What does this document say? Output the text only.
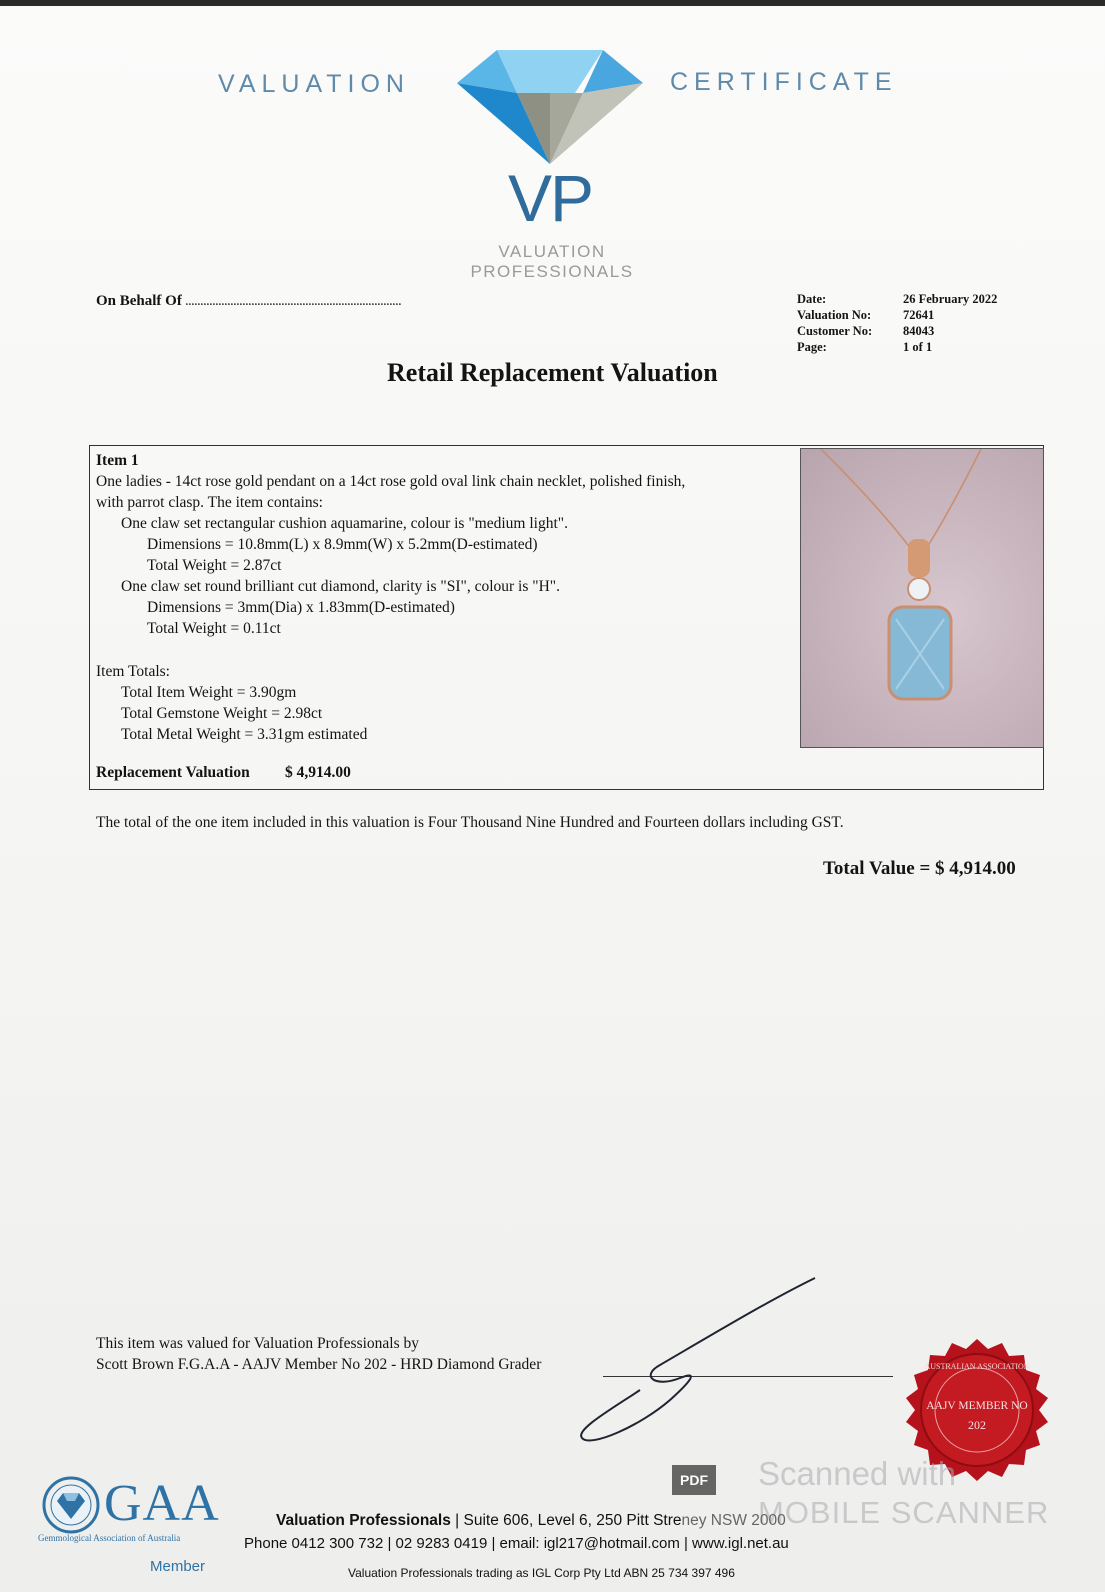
VALUATION	CERTIFICATE
VP
VALUATION
PROFESSIONALS
On Behalf Of ........................................................................	Date:	26 February 2022
Valuation No:	72641
Customer No: 84043
Page:	1 of 1
Retail Replacement Valuation
Item 1
One ladies - 14ct rose gold pendant on a 14ct rose gold oval link chain necklet, polished finish,
with parrot clasp. The item contains:
One claw set rectangular cushion aquamarine, colour is "medium light".
Dimensions = 10.8mm(L) x 8.9mm(W) x 5.2mm(D-estimated)
Total Weight = 2.87ct
One claw set round brilliant cut diamond, clarity is "SI", colour is "H".
Dimensions = 3mm(Dia) x 1.83mm(D-estimated)
Total Weight = 0.11ct
Item Totals:
Total Item Weight = 3.90gm
Total Gemstone Weight = 2.98ct
Total Metal Weight = 3.31gm estimated
Replacement Valuation $ 4,914.00
The total of the one item included in this valuation is Four Thousand Nine Hundred and Fourteen dollars including GST.
Total Value = $ 4,914.00
This item was valued for Valuation Professionals by
Scott Brown F.G.A.A - AAJV Member No 202 - HRD Diamond Grader	AUSTRALIAN ASSOCIATION
AAJV MEMBER NO
202
GAA
Gemmological Association of Australia
Member
PDF Scanned with
MOBILE SCANNER
Valuation Professionals | Suite 606, Level 6, 250 Pitt Streney NSW 2000
Phone 0412 300 732 | 02 9283 0419 | email: igl217@hotmail.com | www.igl.net.au
Valuation Professionals trading as IGL Corp Pty Ltd ABN 25 734 397 496
